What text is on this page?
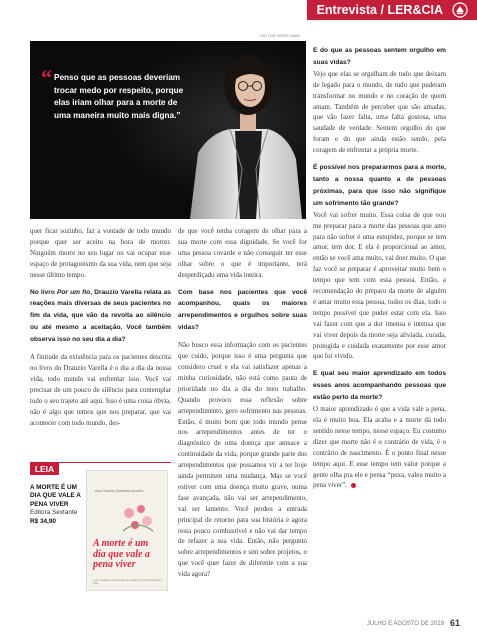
Entrevista / LER&CIA
VICTOR MORIYAMA
“ Penso que as pessoas deveriam trocar medo por respeito, porque elas iriam olhar para a morte de uma maneira muito mais digna.”

quer ficar sozinho, faz a vontade de todo mundo porque quer ser aceito na hora de morrer. Ninguém morre no seu lugar ou vai ocupar esse espaço de protagonismo da sua vida, nem que seja nesse último tempo.

No livro Por um fio, Drauzio Varella relata as reações mais diversas de seus pacientes no fim da vida, que vão da revolta ao silêncio ou até mesmo a aceitação. Você também observa isso no seu dia a dia?

A finitude da existência para os pacientes descrita no livro do Drauzio Varella é o dia a dia da nossa vida, todo mundo vai enfrentar isso. Você vai precisar de um pouco de silêncio para contemplar todo o seu trajeto até aqui. Isso é uma coisa óbvia, não é algo que temos que nos preparar, que vai acontecer com todo mundo, des-

LEIA
A MORTE É UM DIA QUE VALE A PENA VIVER
Editora Sextante
R$ 34,90
Ana Claudia Quintana Arantes
A morte é um dia que vale a pena viver
e um excelente motivo para se buscar um novo olhar para a vida

de que você tenha coragem de olhar para a sua morte com essa dignidade. Se você for uma pessoa covarde e não conseguir ter esse olhar sobre o que é importante, terá desperdiçado uma vida inteira.

Com base nos pacientes que você acompanhou, quais os maiores arrependimentos e orgulhos sobre suas vidas?

Não busco essa informação com os pacientes que cuido, porque isso é uma pergunta que considero cruel e ela vai satisfazer apenas a minha curiosidade, não está como pauta de prioridade no dia a dia do meu trabalho. Quando provoco essa reflexão sobre arrependimento, gero sofrimento nas pessoas. Então, é muito bom que todo mundo pense nos arrependimentos antes de ter o diagnóstico de uma doença que ameace a continuidade da vida, porque grande parte dos arrependimentos que possamos vir a ter hoje ainda permitem uma mudança. Mas se você estiver com uma doença muito grave, numa fase avançada, não vai ser arrependimento, vai ser lamento. Você perdeu a entrada principal de retorno para sua história e agora resta pouco combustível e não vai dar tempo de refazer a sua vida. Então, não pergunto sobre arrependimentos e sim sobre projetos, o que você quer fazer de diferente com a sua vida agora?

E do que as pessoas sentem orgulho em suas vidas?

Vejo que elas se orgulham de tudo que deixam de legado para o mundo, de tudo que puderam transformar no mundo e no coração de quem amam. Também de perceber que são amadas, que vão fazer falta, uma falta gostosa, uma saudade de verdade. Sentem orgulho do que foram e do que ainda estão sendo, pela coragem de enfrentar a própria morte.

É possível nos prepararmos para a morte, tanto a nossa quanto a de pessoas próximas, para que isso não signifique um sofrimento tão grande?

Você vai sofrer muito. Essa coisa de que vou me preparar para a morte das pessoas que amo para não sofrer é uma estupidez, porque se tem amor, tem dor. E ela é proporcional ao amor, então se você ama muito, vai doer muito. O que faz você se preparar é aproveitar muito bem o tempo que tem com essa pessoa. Então, a recomendação do preparo da morte de alguém é amar muito essa pessoa, todos os dias, todo o tempo possível que puder estar com ela. Isso vai fazer com que a dor imensa e intensa que vai viver depois da morte seja aliviada, curada, protegida e cuidada exatamente por esse amor que foi vivido.

E qual seu maior aprendizado em todos esses anos acompanhando pessoas que estão perto da morte?

O maior aprendizado é que a vida vale a pena, ela é muito boa. Ela acaba e a morte dá todo sentido nesse tempo, nesse espaço. Eu costumo dizer que morte não é o contrário de vida, é o contrário de nascimento. É o ponto final nesse tempo aqui. E esse tempo tem valor porque a gente olha pra ele e pensa “puxa, valeu muito a pena viver”.

JULHO E AGOSTO DE 2019 61
